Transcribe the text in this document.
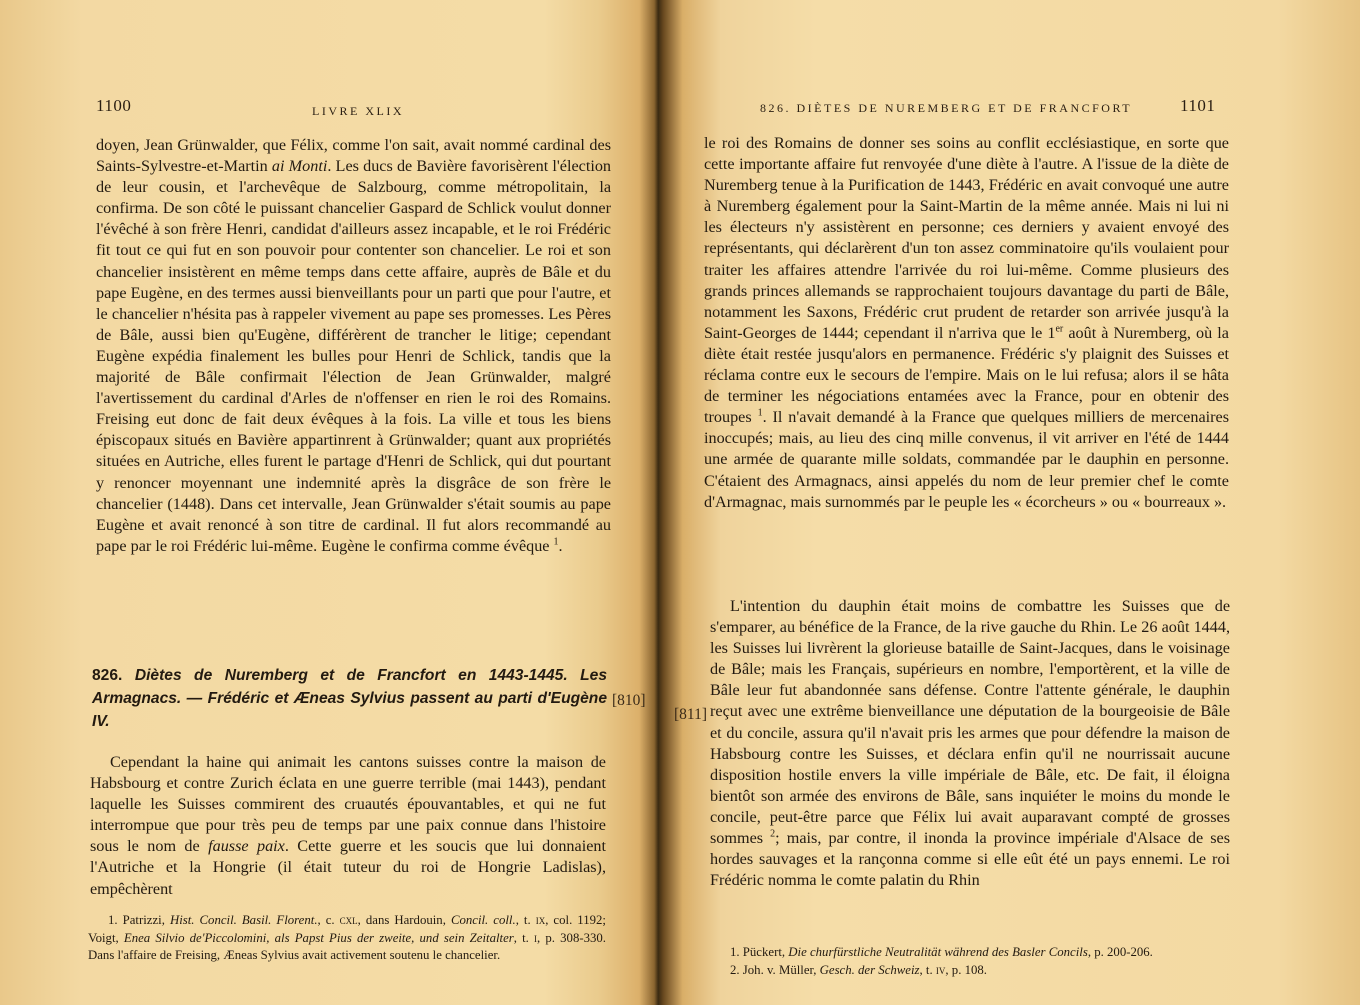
1100	LIVRE XLIX

doyen, Jean Grünwalder, que Félix, comme l'on sait, avait nommé cardinal des Saints-Sylvestre-et-Martin ai Monti. Les ducs de Bavière favorisèrent l'élection de leur cousin, et l'archevêque de Salzbourg, comme métropolitain, la confirma. De son côté le puissant chancelier Gaspard de Schlick voulut donner l'évêché à son frère Henri, candidat d'ailleurs assez incapable, et le roi Frédéric fit tout ce qui fut en son pouvoir pour contenter son chancelier. Le roi et son chancelier insistèrent en même temps dans cette affaire, auprès de Bâle et du pape Eugène, en des termes aussi bienveillants pour un parti que pour l'autre, et le chancelier n'hésita pas à rappeler vivement au pape ses promesses. Les Pères de Bâle, aussi bien qu'Eugène, différèrent de trancher le litige; cependant Eugène expédia finalement les bulles pour Henri de Schlick, tandis que la majorité de Bâle confirmait l'élection de Jean Grünwalder, malgré l'avertissement du cardinal d'Arles de n'offenser en rien le roi des Romains. Freising eut donc de fait deux évêques à la fois. La ville et tous les biens épiscopaux situés en Bavière appartinrent à Grünwalder; quant aux propriétés situées en Autriche, elles furent le partage d'Henri de Schlick, qui dut pourtant y renoncer moyennant une indemnité après la disgrâce de son frère le chancelier (1448). Dans cet intervalle, Jean Grünwalder s'était soumis au pape Eugène et avait renoncé à son titre de cardinal. Il fut alors recommandé au pape par le roi Frédéric lui-même. Eugène le confirma comme évêque $^1$.

826. Diètes de Nuremberg et de Francfort en 1443-1445. Les Armagnacs. — Frédéric et Æneas Sylvius passent au parti d'Eugène IV.
[810]

Cependant la haine qui animait les cantons suisses contre la maison de Habsbourg et contre Zurich éclata en une guerre terrible (mai 1443), pendant laquelle les Suisses commirent des cruautés épouvantables, et qui ne fut interrompue que pour très peu de temps par une paix connue dans l'histoire sous le nom de fausse paix. Cette guerre et les soucis que lui donnaient l'Autriche et la Hongrie (il était tuteur du roi de Hongrie Ladislas), empêchèrent

1. Patrizzi, Hist. Concil. Basil. Florent., c. cxl, dans Hardouin, Concil. coll., t. ix, col. 1192; Voigt, Enea Silvio de'Piccolomini, als Papst Pius der zweite, und sein Zeitalter, t. i, p. 308-330. Dans l'affaire de Freising, Æneas Sylvius avait activement soutenu le chancelier.

826. DIÈTES DE NUREMBERG ET DE FRANCFORT	1101
[811]

le roi des Romains de donner ses soins au conflit ecclésiastique, en sorte que cette importante affaire fut renvoyée d'une diète à l'autre. A l'issue de la diète de Nuremberg tenue à la Purification de 1443, Frédéric en avait convoqué une autre à Nuremberg également pour la Saint-Martin de la même année. Mais ni lui ni les électeurs n'y assistèrent en personne; ces derniers y avaient envoyé des représentants, qui déclarèrent d'un ton assez comminatoire qu'ils voulaient pour traiter les affaires attendre l'arrivée du roi lui-même. Comme plusieurs des grands princes allemands se rapprochaient toujours davantage du parti de Bâle, notamment les Saxons, Frédéric crut prudent de retarder son arrivée jusqu'à la Saint-Georges de 1444; cependant il n'arriva que le 1er août à Nuremberg, où la diète était restée jusqu'alors en permanence. Frédéric s'y plaignit des Suisses et réclama contre eux le secours de l'empire. Mais on le lui refusa; alors il se hâta de terminer les négociations entamées avec la France, pour en obtenir des troupes $^1$. Il n'avait demandé à la France que quelques milliers de mercenaires inoccupés; mais, au lieu des cinq mille convenus, il vit arriver en l'été de 1444 une armée de quarante mille soldats, commandée par le dauphin en personne. C'étaient des Armagnacs, ainsi appelés du nom de leur premier chef le comte d'Armagnac, mais surnommés par le peuple les « écorcheurs » ou « bourreaux ».

L'intention du dauphin était moins de combattre les Suisses que de s'emparer, au bénéfice de la France, de la rive gauche du Rhin. Le 26 août 1444, les Suisses lui livrèrent la glorieuse bataille de Saint-Jacques, dans le voisinage de Bâle; mais les Français, supérieurs en nombre, l'emportèrent, et la ville de Bâle leur fut abandonnée sans défense. Contre l'attente générale, le dauphin reçut avec une extrême bienveillance une députation de la bourgeoisie de Bâle et du concile, assura qu'il n'avait pris les armes que pour défendre la maison de Habsbourg contre les Suisses, et déclara enfin qu'il ne nourrissait aucune disposition hostile envers la ville impériale de Bâle, etc. De fait, il éloigna bientôt son armée des environs de Bâle, sans inquiéter le moins du monde le concile, peut-être parce que Félix lui avait auparavant compté de grosses sommes $^2$; mais, par contre, il inonda la province impériale d'Alsace de ses hordes sauvages et la rançonna comme si elle eût été un pays ennemi. Le roi Frédéric nomma le comte palatin du Rhin

1. Pückert, Die churfürstliche Neutralität während des Basler Concils, p. 200-206.

2. Joh. v. Müller, Gesch. der Schweiz, t. iv, p. 108.
